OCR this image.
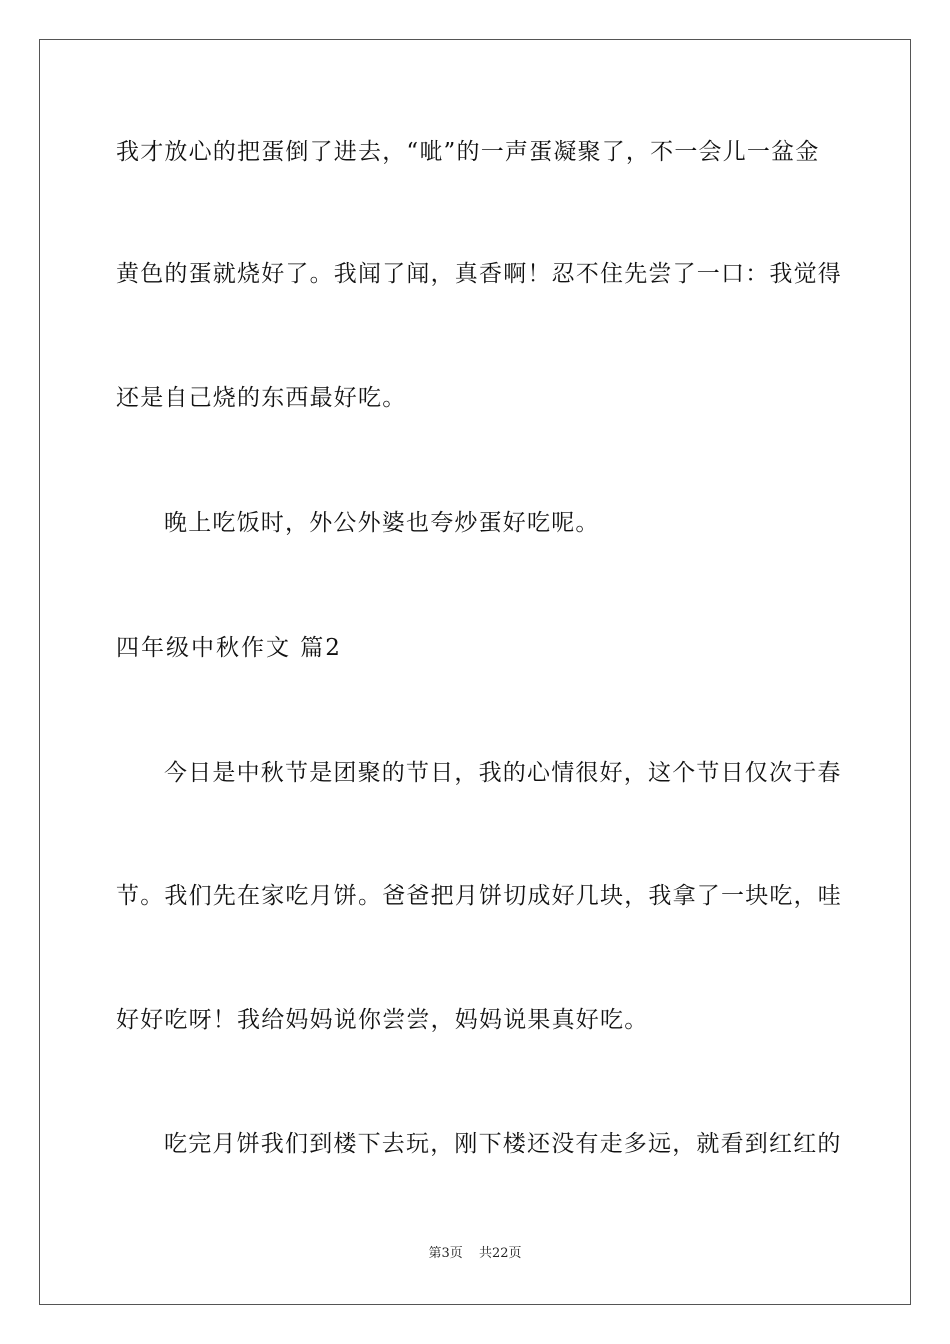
我才放心的把蛋倒了进去，“呲”的一声蛋凝聚了，不一会儿一盆金
黄色的蛋就烧好了。我闻了闻，真香啊！忍不住先尝了一口：我觉得
还是自己烧的东西最好吃。
晚上吃饭时，外公外婆也夸炒蛋好吃呢。
四年级中秋作文 篇2
今日是中秋节是团聚的节日，我的心情很好，这个节日仅次于春
节。我们先在家吃月饼。爸爸把月饼切成好几块，我拿了一块吃，哇
好好吃呀！我给妈妈说你尝尝，妈妈说果真好吃。
吃完月饼我们到楼下去玩，刚下楼还没有走多远，就看到红红的
第3页 共22页
